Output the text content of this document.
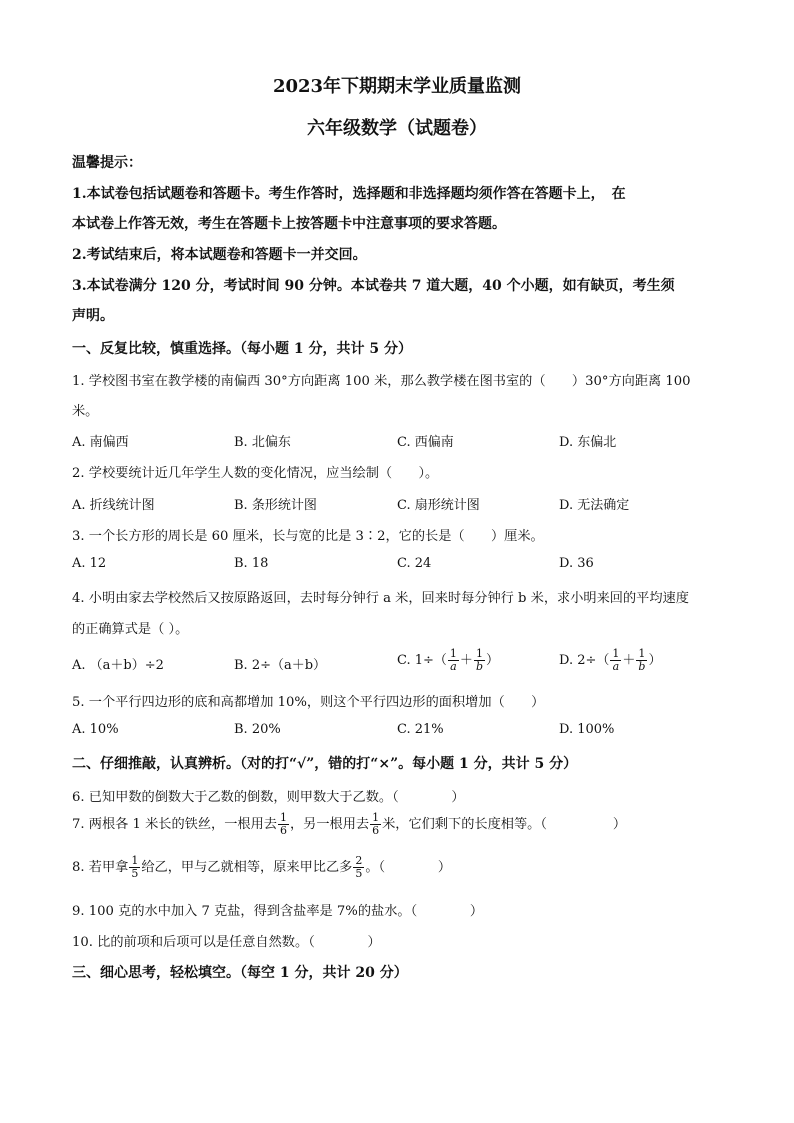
2023年下期期末学业质量监测
六年级数学（试题卷）
温馨提示：
1.本试卷包括试题卷和答题卡。考生作答时，选择题和非选择题均须作答在答题卡上，　在
本试卷上作答无效，考生在答题卡上按答题卡中注意事项的要求答题。
2.考试结束后，将本试题卷和答题卡一并交回。
3.本试卷满分 120 分，考试时间 90 分钟。本试卷共 7 道大题，40 个小题，如有缺页，考生须
声明。
一、反复比较，慎重选择。（每小题 1 分，共计 5 分）
1. 学校图书室在教学楼的南偏西 30°方向距离 100 米，那么教学楼在图书室的（　　）30°方向距离 100
米。
A. 南偏西	B. 北偏东	C. 西偏南	D. 东偏北
2. 学校要统计近几年学生人数的变化情况，应当绘制（　　）。
A. 折线统计图	B. 条形统计图	C. 扇形统计图	D. 无法确定
3. 一个长方形的周长是 60 厘米，长与宽的比是 3∶2，它的长是（　　）厘米。
A. 12	B. 18	C. 24	D. 36
4. 小明由家去学校然后又按原路返回，去时每分钟行 a 米，回来时每分钟行 b 米，求小明来回的平均速度
的正确算式是（ ）。
A. （a＋b）÷2	B. 2÷（a＋b）	C. $1\div( \frac{1}{a} + \frac{1}{b}$ ）	D. $2\div( \frac{1}{a} + \frac{1}{b}$ ）
5. 一个平行四边形的底和高都增加 10%，则这个平行四边形的面积增加（　　）
A. 10%	B. 20%	C. 21%	D. 100%
二、仔细推敲，认真辨析。（对的打“√”，错的打“×”。每小题 1 分，共计 5 分）
6. 已知甲数的倒数大于乙数的倒数，则甲数大于乙数。（　　　　）
7. 两根各 1 米长的铁丝，一根用去 $\frac{1}{6}$ ，另一根用去 $\frac{1}{6}$ 米，它们剩下的长度相等。（　　　　　）
8. 若甲拿 $\frac{1}{5}$ 给乙，甲与乙就相等，原来甲比乙多 $\frac{2}{5}$ 。（　　　　）
9. 100 克的水中加入 7 克盐，得到含盐率是 7%的盐水。（　　　　）
10. 比的前项和后项可以是任意自然数。（　　　　）
三、细心思考，轻松填空。（每空 1 分，共计 20 分）
